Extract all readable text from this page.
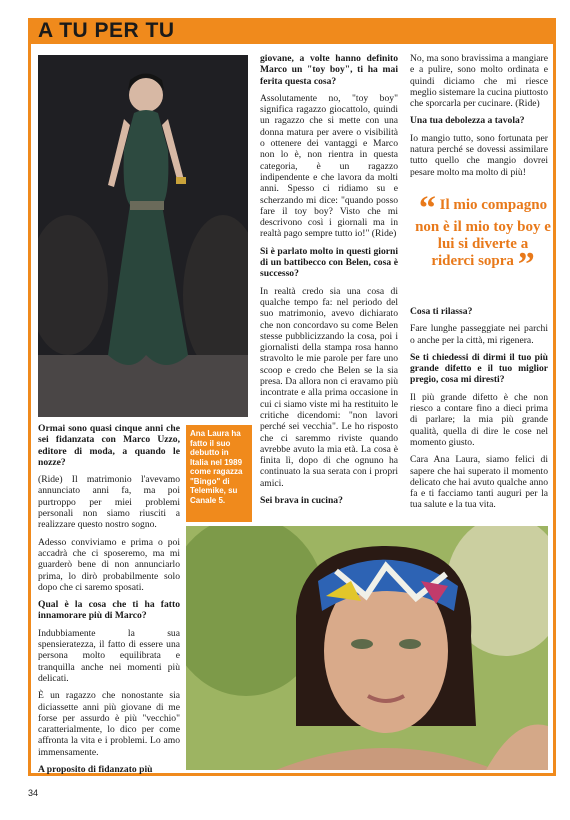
A TU PER TU

Ormai sono quasi cinque anni che sei fidanzata con Marco Uzzo, editore di moda, a quando le nozze?

(Ride) Il matrimonio l'avevamo annunciato anni fa, ma poi purtroppo per miei problemi personali non siamo riusciti a realizzare questo nostro sogno.

Adesso conviviamo e prima o poi accadrà che ci sposeremo, ma mi guarderò bene di non annunciarlo prima, lo dirò probabilmente solo dopo che ci saremo sposati.

Qual è la cosa che ti ha fatto innamorare più di Marco?

Indubbiamente la sua spensieratezza, il fatto di essere una persona molto equilibrata e tranquilla anche nei momenti più delicati.

È un ragazzo che nonostante sia diciassette anni più giovane di me forse per assurdo è più "vecchio" caratterialmente, lo dico per come affronta la vita e i problemi. Lo amo immensamente.

A proposito di fidanzato più

Ana Laura ha fatto il suo debutto in Italia nel 1989 come ragazza "Bingo" di Telemike, su Canale 5.

giovane, a volte hanno definito Marco un "toy boy", ti ha mai ferita questa cosa?

Assolutamente no, "toy boy" significa ragazzo giocattolo, quindi un ragazzo che si mette con una donna matura per avere o visibilità o ottenere dei vantaggi e Marco non lo è, non rientra in questa categoria, è un ragazzo indipendente e che lavora da molti anni. Spesso ci ridiamo su e scherzando mi dice: "quando posso fare il toy boy? Visto che mi descrivono così i giornali ma in realtà pago sempre tutto io!" (Ride)

Si è parlato molto in questi giorni di un battibecco con Belen, cosa è successo?

In realtà credo sia una cosa di qualche tempo fa: nel periodo del suo matrimonio, avevo dichiarato che non concordavo su come Belen stesse pubblicizzando la cosa, poi i giornalisti della stampa rosa hanno stravolto le mie parole per fare uno scoop e credo che Belen se la sia presa. Da allora non ci eravamo più incontrate e alla prima occasione in cui ci siamo viste mi ha restituito le critiche dicendomi: "non lavori perché sei vecchia". Le ho risposto che ci saremmo riviste quando avrebbe avuto la mia età. La cosa è finita lì, dopo di che ognuno ha continuato la sua serata con i propri amici.

Sei brava in cucina?

No, ma sono bravissima a mangiare e a pulire, sono molto ordinata e quindi diciamo che mi riesce meglio sistemare la cucina piuttosto che sporcarla per cucinare. (Ride)

Una tua debolezza a tavola?

Io mangio tutto, sono fortunata per natura perché se dovessi assimilare tutto quello che mangio dovrei pesare molto ma molto di più!

Cosa ti rilassa?

Fare lunghe passeggiate nei parchi o anche per la città, mi rigenera.

Se ti chiedessi di dirmi il tuo più grande difetto e il tuo miglior pregio, cosa mi diresti?

Il più grande difetto è che non riesco a contare fino a dieci prima di parlare; la mia più grande qualità, quella di dire le cose nel momento giusto.

Cara Ana Laura, siamo felici di sapere che hai superato il momento delicato che hai avuto qualche anno fa e ti facciamo tanti auguri per la tua salute e la tua vita.

“ Il mio compagno non è il mio toy boy e lui si diverte a riderci sopra ”
34
